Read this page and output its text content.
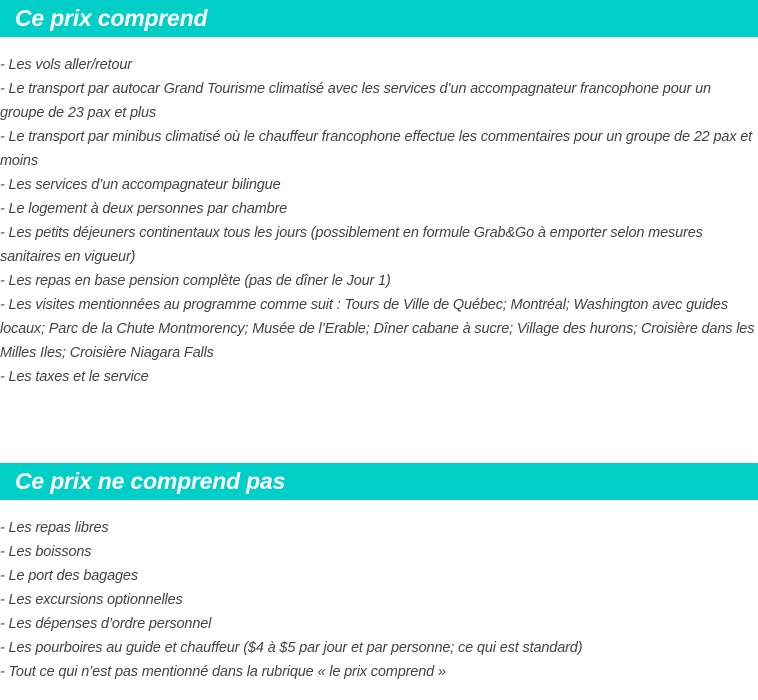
Ce prix comprend
- Les vols aller/retour
- Le transport par autocar Grand Tourisme climatisé avec les services d’un accompagnateur francophone pour un groupe de 23 pax et plus
- Le transport par minibus climatisé où le chauffeur francophone effectue les commentaires pour un groupe de 22 pax et moins
- Les services d’un accompagnateur bilingue
- Le logement à deux personnes par chambre
- Les petits déjeuners continentaux tous les jours (possiblement en formule Grab&Go à emporter selon mesures sanitaires en vigueur)
- Les repas en base pension complète (pas de dîner le Jour 1)
- Les visites mentionnées au programme comme suit : Tours de Ville de Québec; Montréal; Washington avec guides locaux; Parc de la Chute Montmorency; Musée de l’Erable; Dîner cabane à sucre; Village des hurons; Croisière dans les Milles Iles; Croisière Niagara Falls
- Les taxes et le service
Ce prix ne comprend pas
- Les repas libres
- Les boissons
- Le port des bagages
- Les excursions optionnelles
- Les dépenses d’ordre personnel
- Les pourboires au guide et chauffeur ($4 à $5 par jour et par personne; ce qui est standard)
- Tout ce qui n’est pas mentionné dans la rubrique « le prix comprend »
